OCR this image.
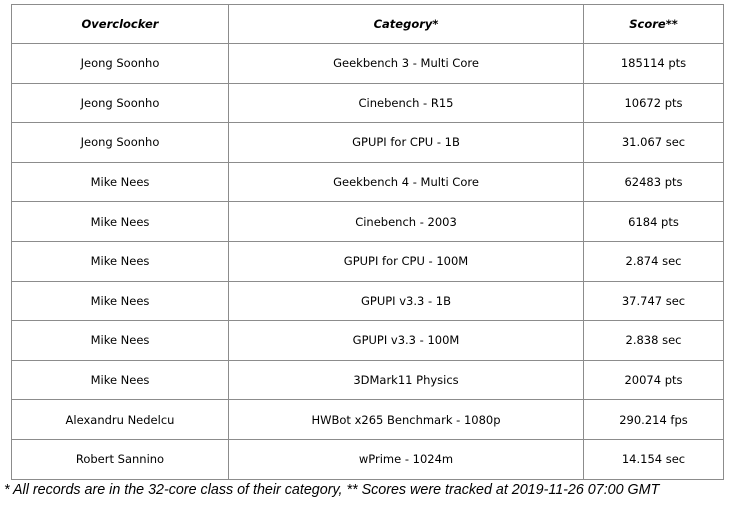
Overclocker	Category*	Score**
Jeong Soonho	Geekbench 3 - Multi Core	185114 pts
Jeong Soonho	Cinebench - R15	10672 pts
Jeong Soonho	GPUPI for CPU - 1B	31.067 sec
Mike Nees	Geekbench 4 - Multi Core	62483 pts
Mike Nees	Cinebench - 2003	6184 pts
Mike Nees	GPUPI for CPU - 100M	2.874 sec
Mike Nees	GPUPI v3.3 - 1B	37.747 sec
Mike Nees	GPUPI v3.3 - 100M	2.838 sec
Mike Nees	3DMark11 Physics	20074 pts
Alexandru Nedelcu	HWBot x265 Benchmark - 1080p	290.214 fps
Robert Sannino	wPrime - 1024m	14.154 sec
* All records are in the 32-core class of their category, ** Scores were tracked at 2019-11-26 07:00 GMT
